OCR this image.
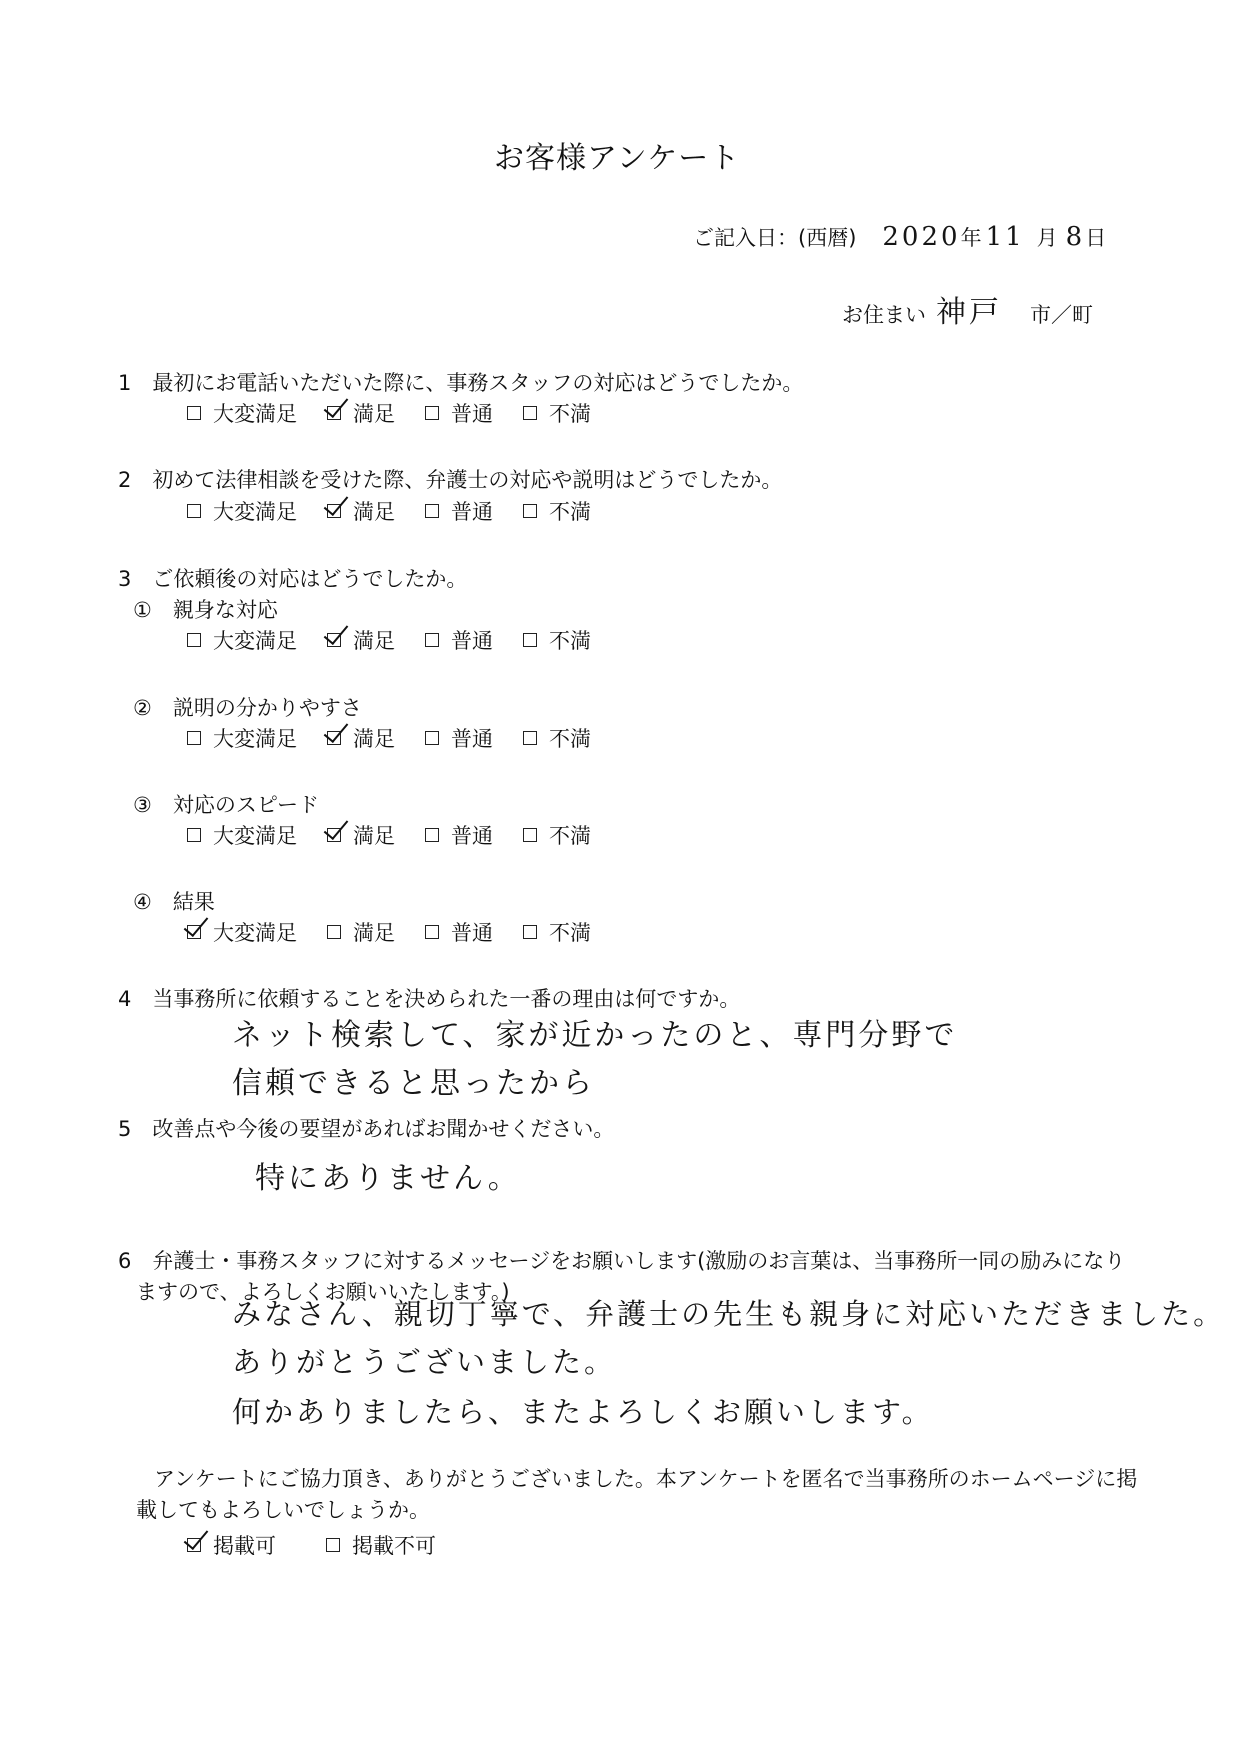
お客様アンケート
ご記入日：(西暦) 2020 年 11 月 8 日
お住まい 神戸 市／町
1　最初にお電話いただいた際に、事務スタッフの対応はどうでしたか。
大変満足	満足	普通	不満
2　初めて法律相談を受けた際、弁護士の対応や説明はどうでしたか。
大変満足	満足	普通	不満
3　ご依頼後の対応はどうでしたか。
①　親身な対応
大変満足	満足	普通	不満
②　説明の分かりやすさ
大変満足	満足	普通	不満
③　対応のスピード
大変満足	満足	普通	不満
④　結果
大変満足	満足	普通	不満
4　当事務所に依頼することを決められた一番の理由は何ですか。
ネット検索して、家が近かったのと、専門分野で
信頼できると思ったから
5　改善点や今後の要望があればお聞かせください。
特にありません。
6　弁護士・事務スタッフに対するメッセージをお願いします(激励のお言葉は、当事務所一同の励みになり
ますので、よろしくお願いいたします。)
みなさん、親切丁寧で、弁護士の先生も親身に対応いただきました。
ありがとうございました。
何かありましたら、またよろしくお願いします。
アンケートにご協力頂き、ありがとうございました。本アンケートを匿名で当事務所のホームページに掲
載してもよろしいでしょうか。
掲載可	掲載不可
